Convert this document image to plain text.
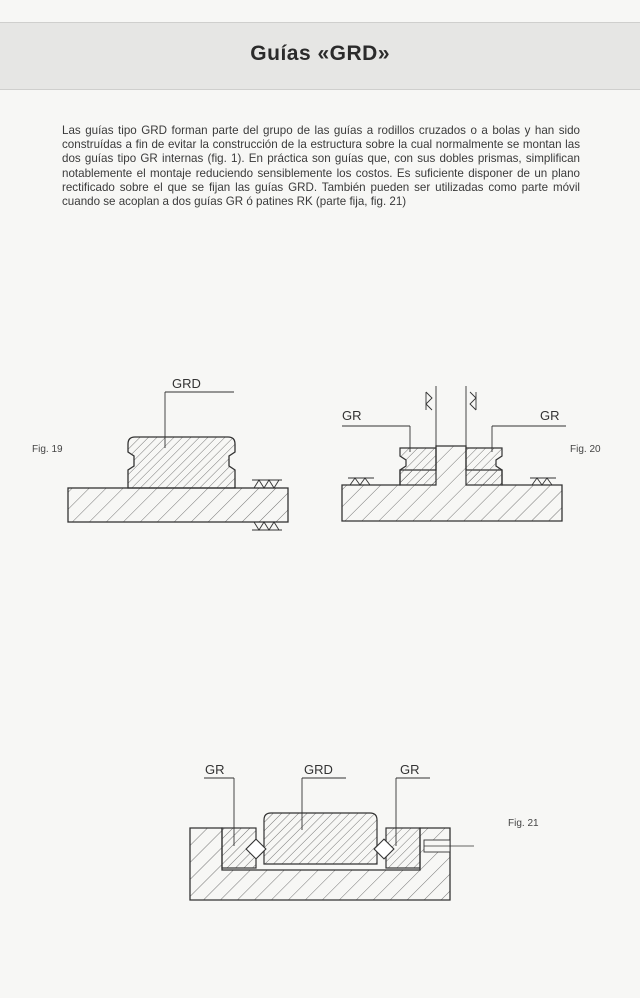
Guías «GRD»
Las guías tipo GRD forman parte del grupo de las guías a rodillos cruzados o a bolas y han sido construídas a fin de evitar la construcción de la estructura sobre la cual normalmente se montan las dos guías tipo GR internas (fig. 1). En práctica son guías que, con sus dobles prismas, simplifican notablemente el montaje reduciendo sensiblemente los costos. Es suficiente disponer de un plano rectificado sobre el que se fijan las guías GRD. También pueden ser utilizadas como parte móvil cuando se acoplan a dos guías GR ó patines RK (parte fija, fig. 21)
Fig. 19	Fig. 20
Fig. 21
GRD
GR	GR
GR	GRD	GR
